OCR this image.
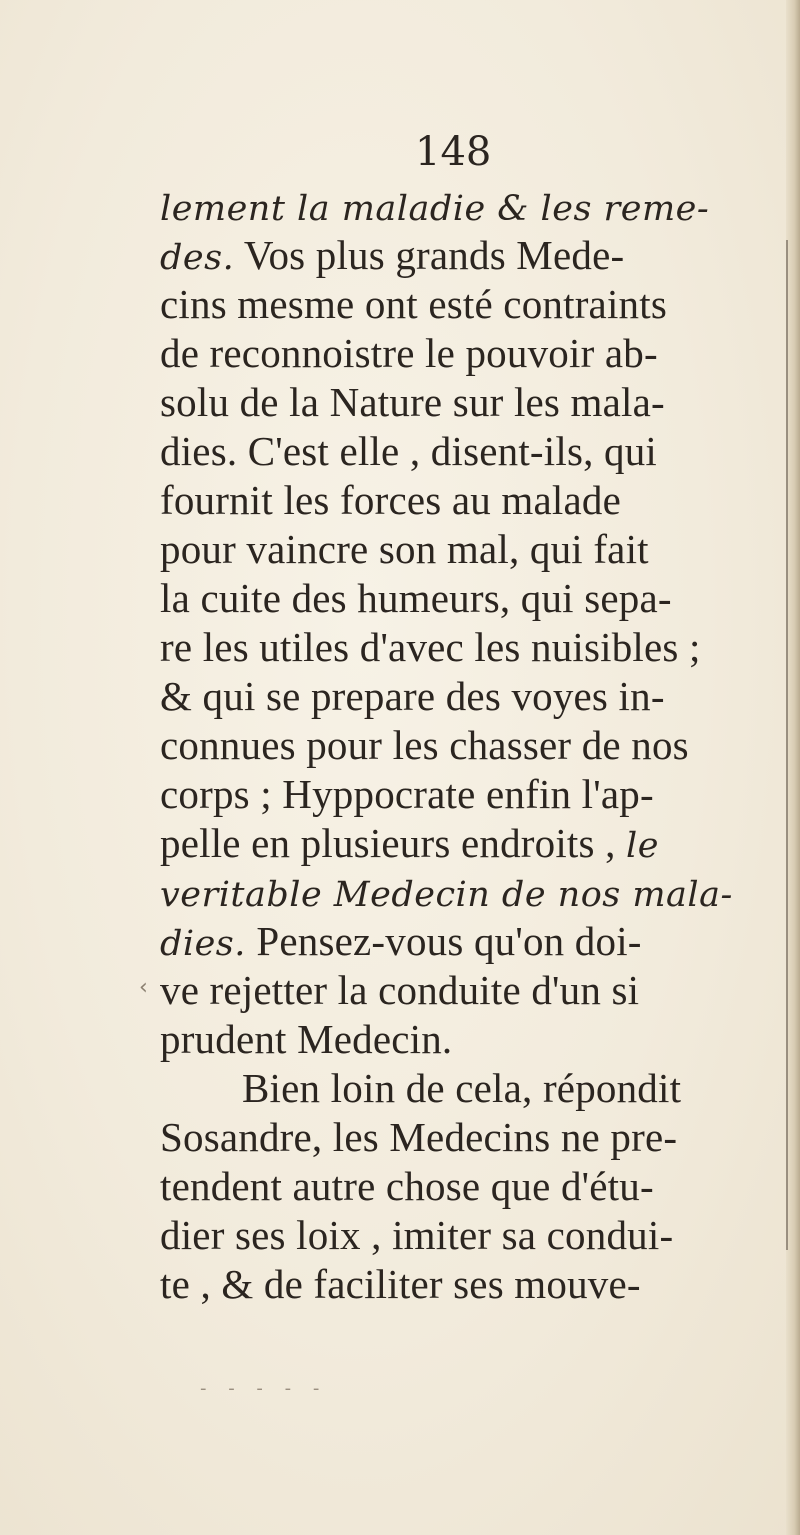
148
‹
lement la maladie & les reme-
des. Vos plus grands Mede-
cins mesme ont esté contraints
de reconnoistre le pouvoir ab-
solu de la Nature sur les mala-
dies. C'est elle , disent-ils, qui
fournit les forces au malade
pour vaincre son mal, qui fait
la cuite des humeurs, qui sepa-
re les utiles d'avec les nuisibles ;
& qui se prepare des voyes in-
connues pour les chasser de nos
corps ; Hyppocrate enfin l'ap-
pelle en plusieurs endroits , le
veritable Medecin de nos mala-
dies. Pensez-vous qu'on doi-
ve rejetter la conduite d'un si
prudent Medecin.
Bien loin de cela, répondit
Sosandre, les Medecins ne pre-
tendent autre chose que d'étu-
dier ses loix , imiter sa condui-
te , & de faciliter ses mouve-
‐ ‐ ‐ ‐ ‐
